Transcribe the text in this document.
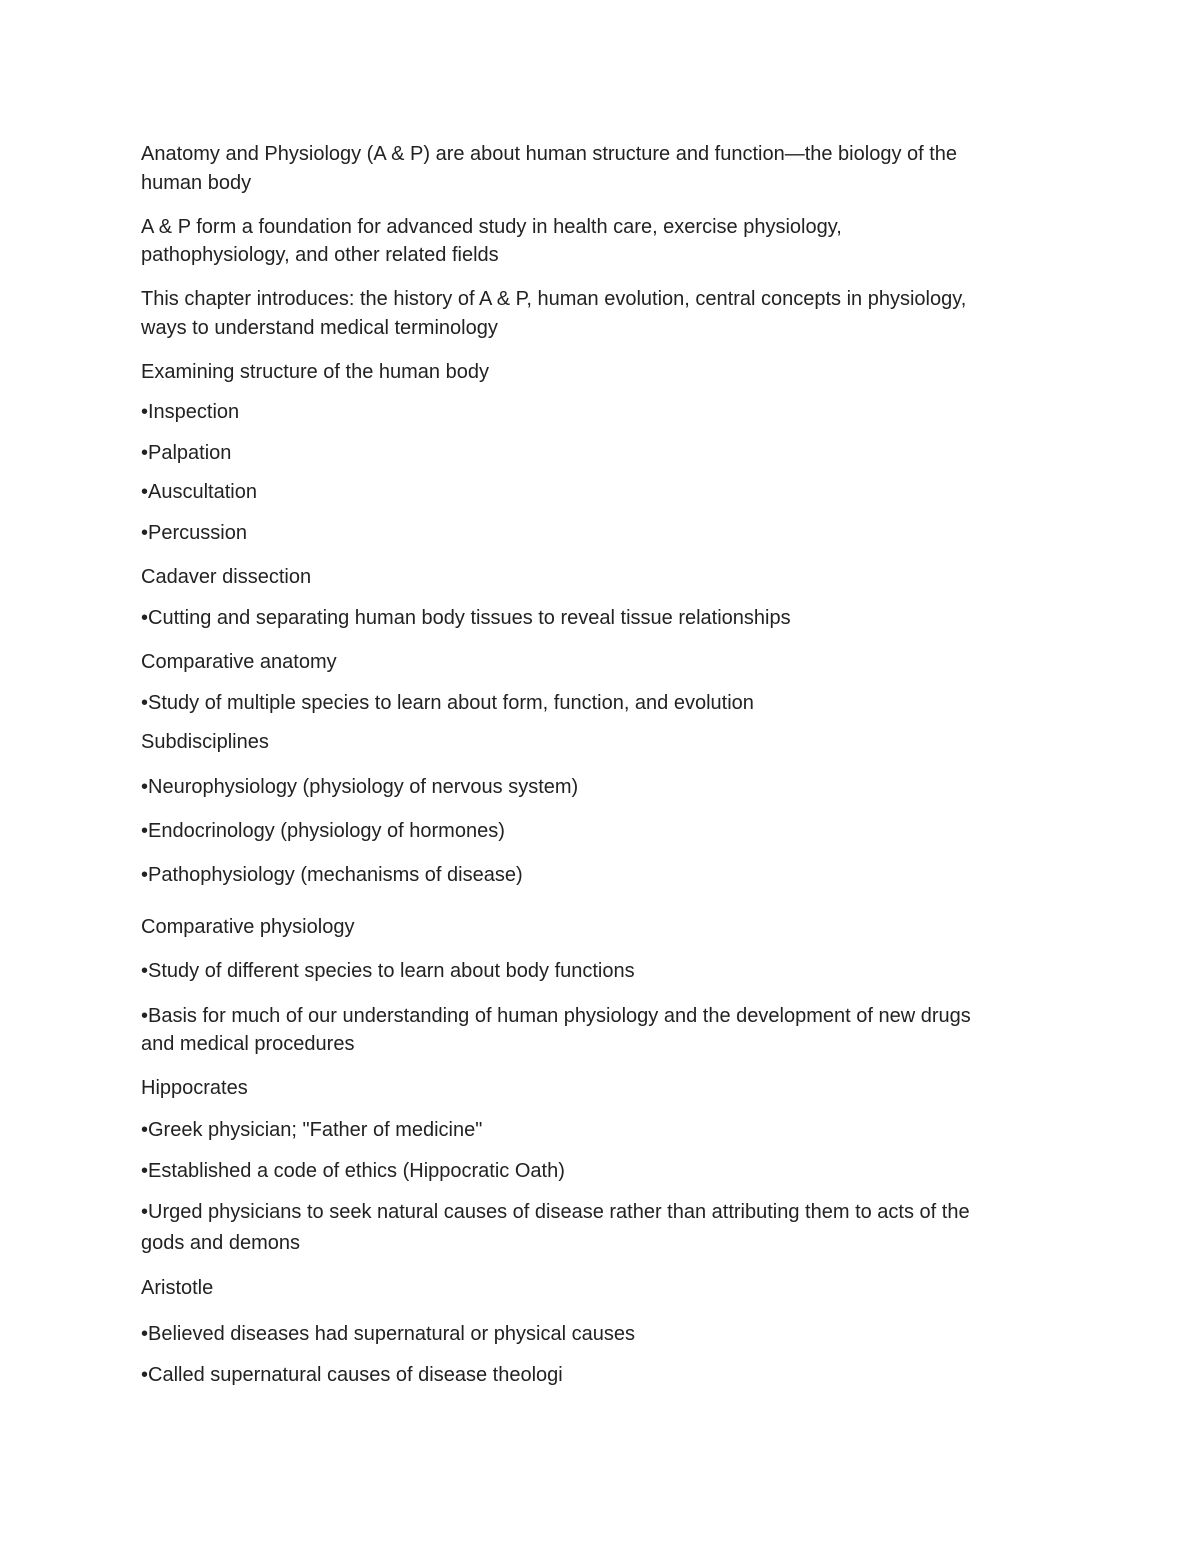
Anatomy and Physiology (A & P) are about human structure and function—the biology of the
human body
A & P form a foundation for advanced study in health care, exercise physiology,
pathophysiology, and other related fields
This chapter introduces: the history of A & P, human evolution, central concepts in physiology,
ways to understand medical terminology
Examining structure of the human body
•Inspection
•Palpation
•Auscultation
•Percussion
Cadaver dissection
•Cutting and separating human body tissues to reveal tissue relationships
Comparative anatomy
•Study of multiple species to learn about form, function, and evolution
Subdisciplines
•Neurophysiology (physiology of nervous system)
•Endocrinology (physiology of hormones)
•Pathophysiology (mechanisms of disease)
Comparative physiology
•Study of different species to learn about body functions
•Basis for much of our understanding of human physiology and the development of new drugs
and medical procedures
Hippocrates
•Greek physician; "Father of medicine"
•Established a code of ethics (Hippocratic Oath)
•Urged physicians to seek natural causes of disease rather than attributing them to acts of the
gods and demons
Aristotle
•Believed diseases had supernatural or physical causes
•Called supernatural causes of disease theologi
